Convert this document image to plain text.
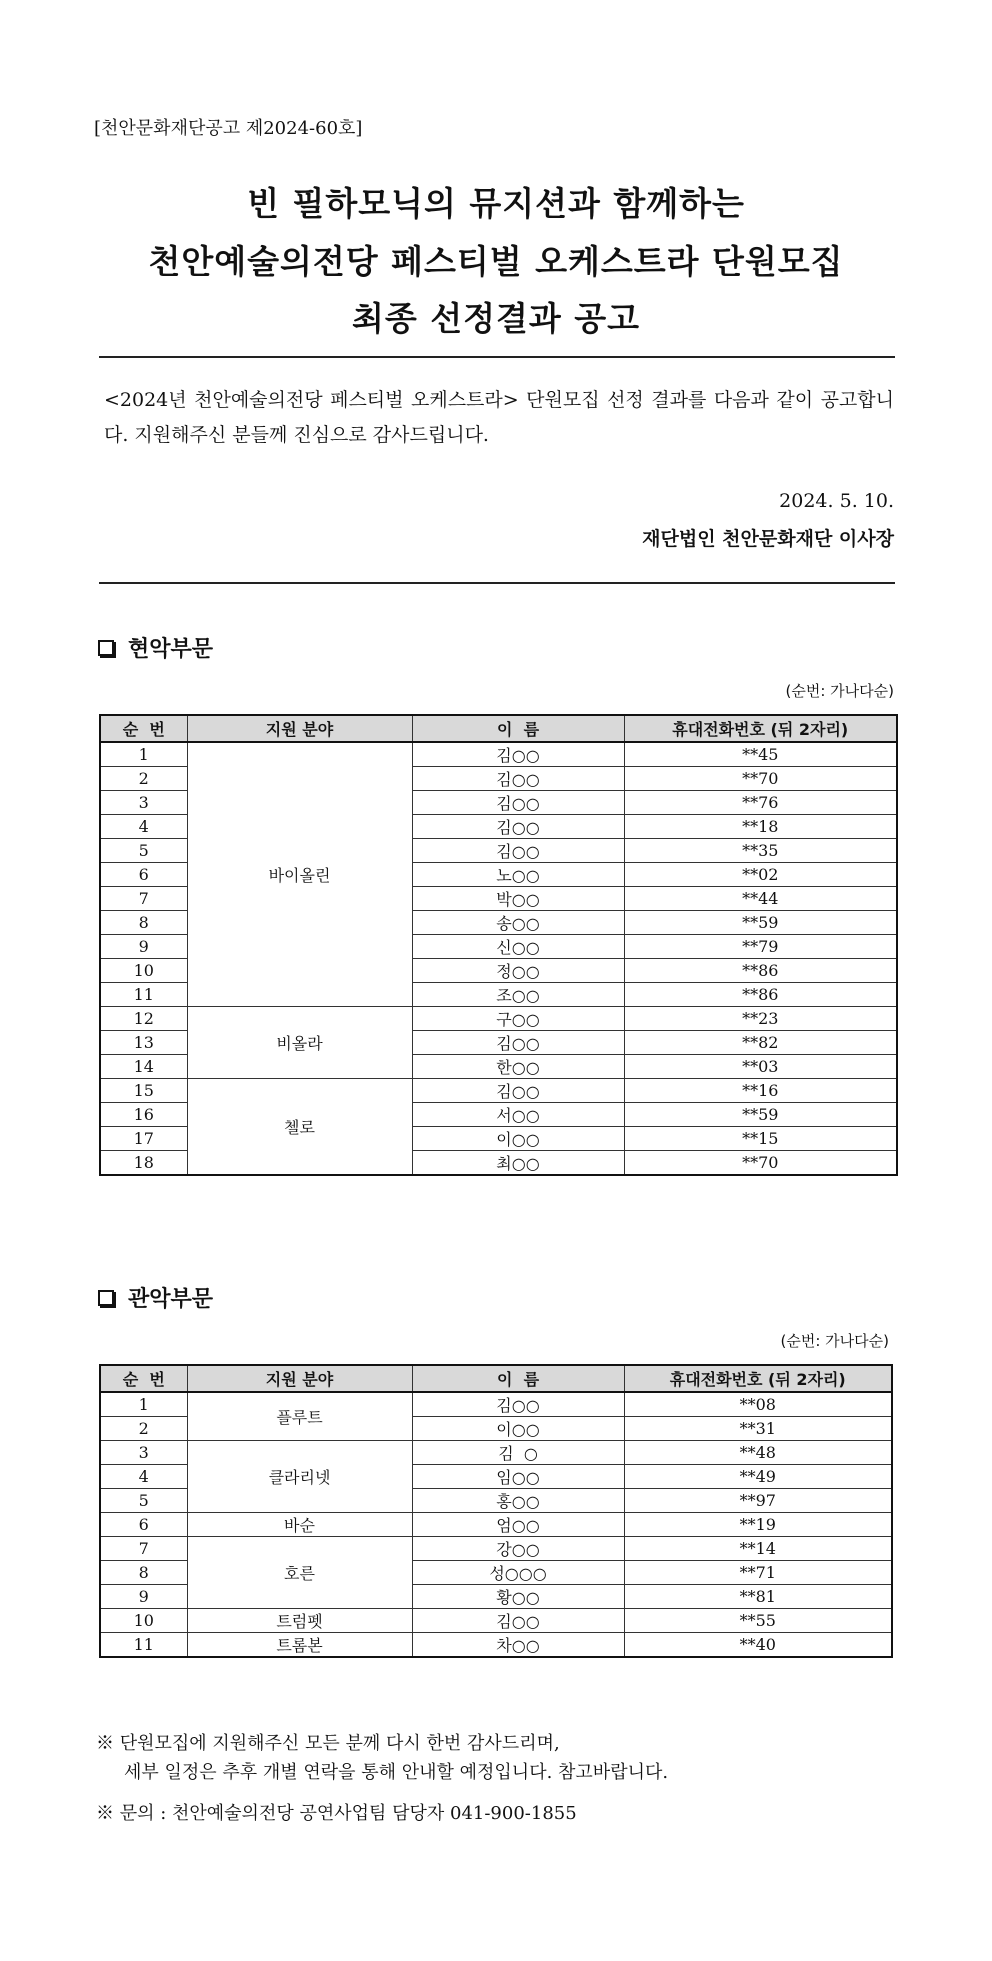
[천안문화재단공고 제2024-60호]
빈 필하모닉의 뮤지션과 함께하는
천안예술의전당 페스티벌 오케스트라 단원모집
최종 선정결과 공고
<2024년 천안예술의전당 페스티벌 오케스트라> 단원모집 선정 결과를 다음과 같이 공고합니다. 지원해주신 분들께 진심으로 감사드립니다.
2024. 5. 10.
재단법인 천안문화재단 이사장
현악부문
(순번: 가나다순)
순  번	지원 분야	이  름	휴대전화번호 (뒤 2자리)
1	바이올린	김○○	**45
2		김○○	**70
3		김○○	**76
4		김○○	**18
5		김○○	**35
6		노○○	**02
7		박○○	**44
8		송○○	**59
9		신○○	**79
10		정○○	**86
11		조○○	**86
12	비올라	구○○	**23
13		김○○	**82
14		한○○	**03
15	첼로	김○○	**16
16		서○○	**59
17		이○○	**15
18		최○○	**70
관악부문
(순번: 가나다순)
순  번	지원 분야	이  름	휴대전화번호 (뒤 2자리)
1	플루트	김○○	**08
2		이○○	**31
3	클라리넷	김  ○	**48
4		임○○	**49
5		홍○○	**97
6	바순	엄○○	**19
7	호른	강○○	**14
8		성○○○	**71
9		황○○	**81
10	트럼펫	김○○	**55
11	트롬본	차○○	**40
※ 단원모집에 지원해주신 모든 분께 다시 한번 감사드리며,
세부 일정은 추후 개별 연락을 통해 안내할 예정입니다. 참고바랍니다.
※ 문의 : 천안예술의전당 공연사업팀 담당자 041-900-1855
